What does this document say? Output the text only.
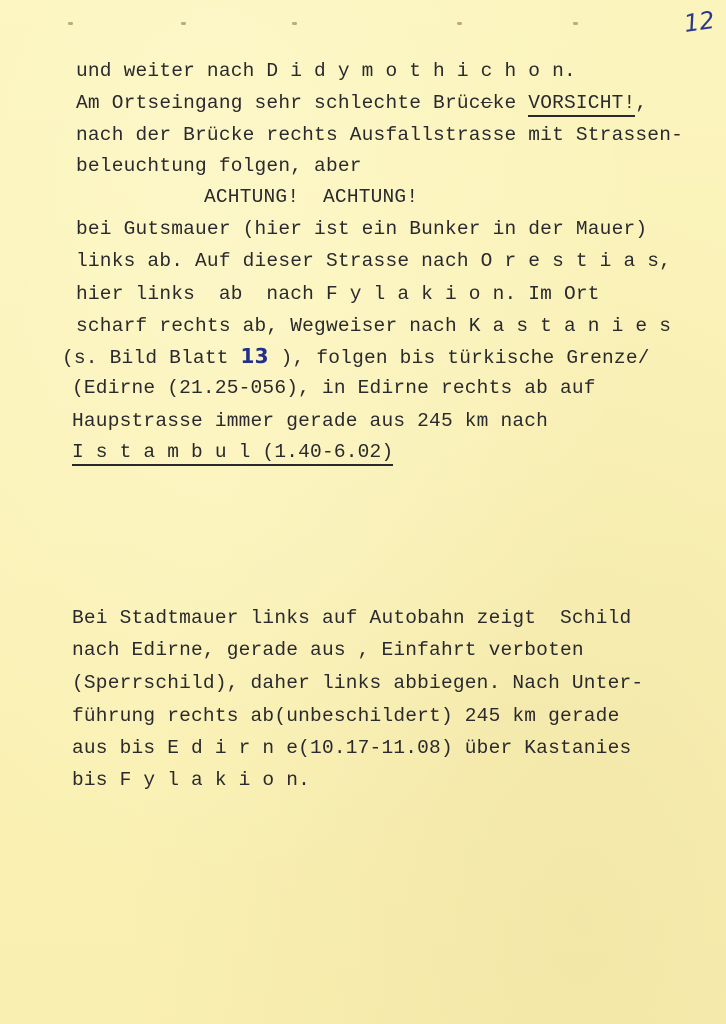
12
und weiter nach D i d y m o t h i c h o n.
Am Ortseingang sehr schlechte Brüccke VORSICHT!,
nach der Brücke rechts Ausfallstrasse mit Strassen-
beleuchtung folgen, aber
ACHTUNG!  ACHTUNG!
bei Gutsmauer (hier ist ein Bunker in der Mauer)
links ab. Auf dieser Strasse nach O r e s t i a s,
hier links  ab  nach F y l a k i o n. Im Ort
scharf rechts ab, Wegweiser nach K a s t a n i e s
(s. Bild Blatt 13 ), folgen bis türkische Grenze/
(Edirne (21.25-056), in Edirne rechts ab auf
Haupstrasse immer gerade aus 245 km nach
I s t a m b u l (1.40-6.02)
Bei Stadtmauer links auf Autobahn zeigt  Schild
nach Edirne, gerade aus , Einfahrt verboten
(Sperrschild), daher links abbiegen. Nach Unter-
führung rechts ab(unbeschildert) 245 km gerade
aus bis E d i r n e(10.17-11.08) über Kastanies
bis F y l a k i o n.
